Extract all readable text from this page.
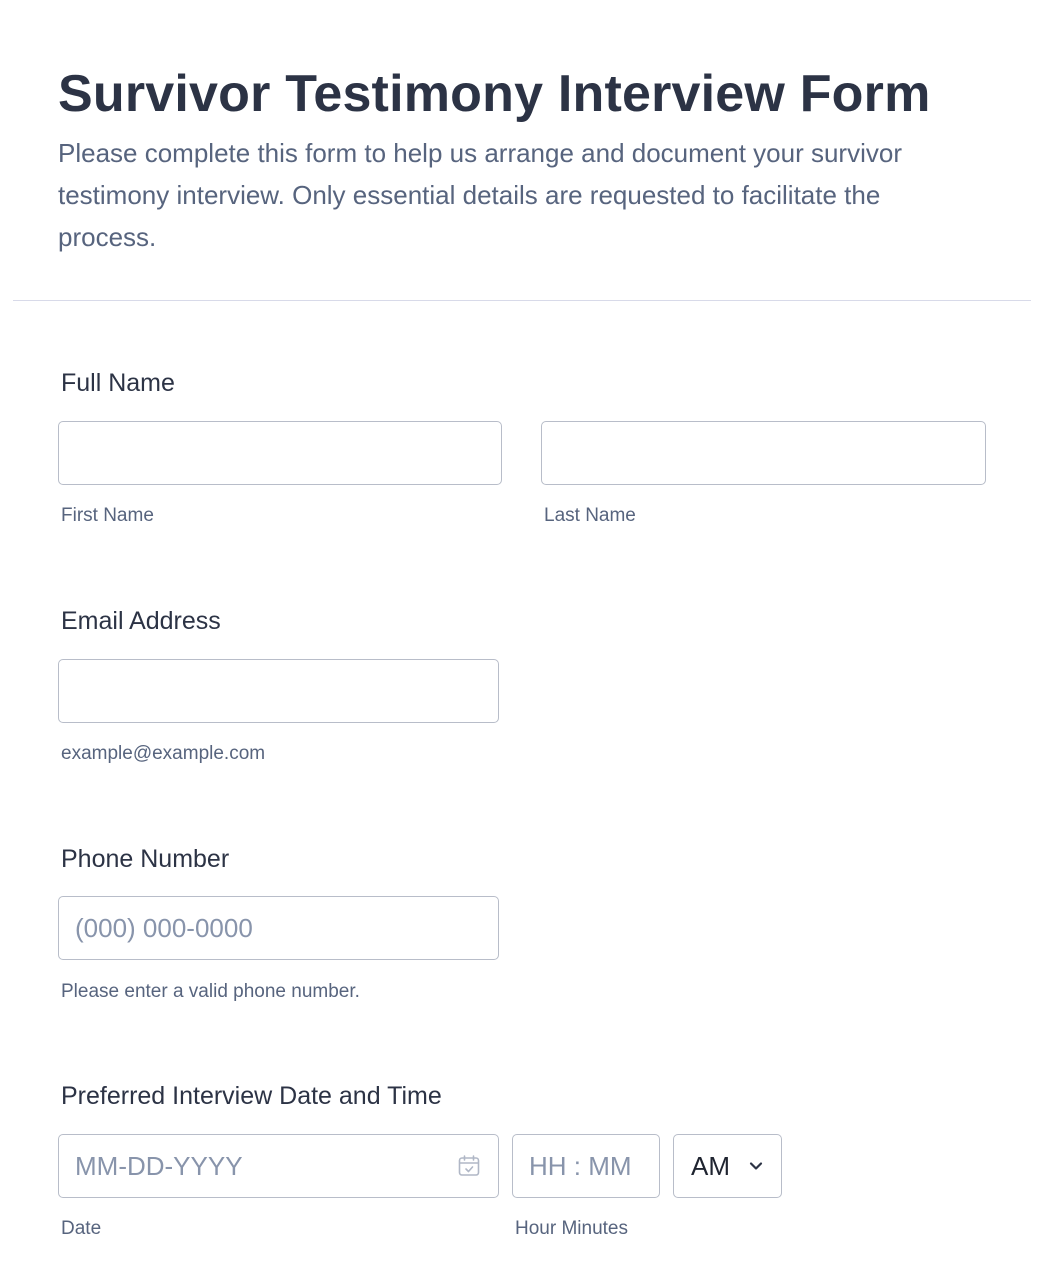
Survivor Testimony Interview Form

Please complete this form to help us arrange and document your survivor testimony interview. Only essential details are requested to facilitate the process.

Full Name
First Name	Last Name
Email Address
example@example.com
Phone Number
(000) 000-0000
Please enter a valid phone number.
Preferred Interview Date and Time
MM-DD-YYYY
Date
HH : MM	Hour Minutes
AM
